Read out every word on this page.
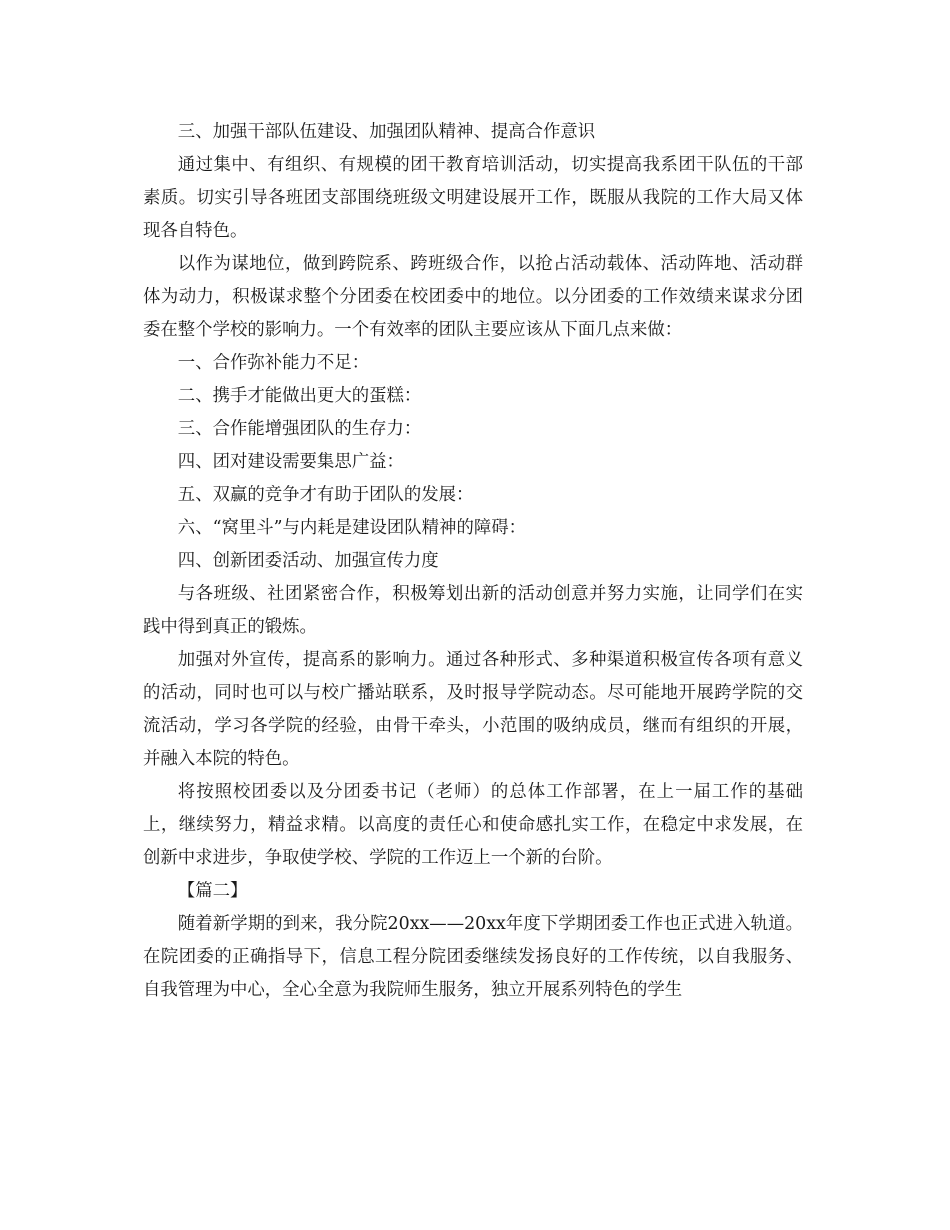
三、加强干部队伍建设、加强团队精神、提高合作意识

通过集中、有组织、有规模的团干教育培训活动，切实提高我系团干队伍的干部素质。切实引导各班团支部围绕班级文明建设展开工作，既服从我院的工作大局又体现各自特色。

以作为谋地位，做到跨院系、跨班级合作，以抢占活动载体、活动阵地、活动群体为动力，积极谋求整个分团委在校团委中的地位。以分团委的工作效绩来谋求分团委在整个学校的影响力。一个有效率的团队主要应该从下面几点来做：

一、合作弥补能力不足：

二、携手才能做出更大的蛋糕：

三、合作能增强团队的生存力：

四、团对建设需要集思广益：

五、双赢的竞争才有助于团队的发展：

六、“窝里斗”与内耗是建设团队精神的障碍：

四、创新团委活动、加强宣传力度

与各班级、社团紧密合作，积极筹划出新的活动创意并努力实施，让同学们在实践中得到真正的锻炼。

加强对外宣传，提高系的影响力。通过各种形式、多种渠道积极宣传各项有意义的活动，同时也可以与校广播站联系，及时报导学院动态。尽可能地开展跨学院的交流活动，学习各学院的经验，由骨干牵头，小范围的吸纳成员，继而有组织的开展，并融入本院的特色。

将按照校团委以及分团委书记（老师）的总体工作部署，在上一届工作的基础上，继续努力，精益求精。以高度的责任心和使命感扎实工作，在稳定中求发展，在创新中求进步，争取使学校、学院的工作迈上一个新的台阶。

【篇二】

随着新学期的到来，我分院20xx——20xx年度下学期团委工作也正式进入轨道。在院团委的正确指导下，信息工程分院团委继续发扬良好的工作传统，以自我服务、自我管理为中心，全心全意为我院师生服务，独立开展系列特色的学生
